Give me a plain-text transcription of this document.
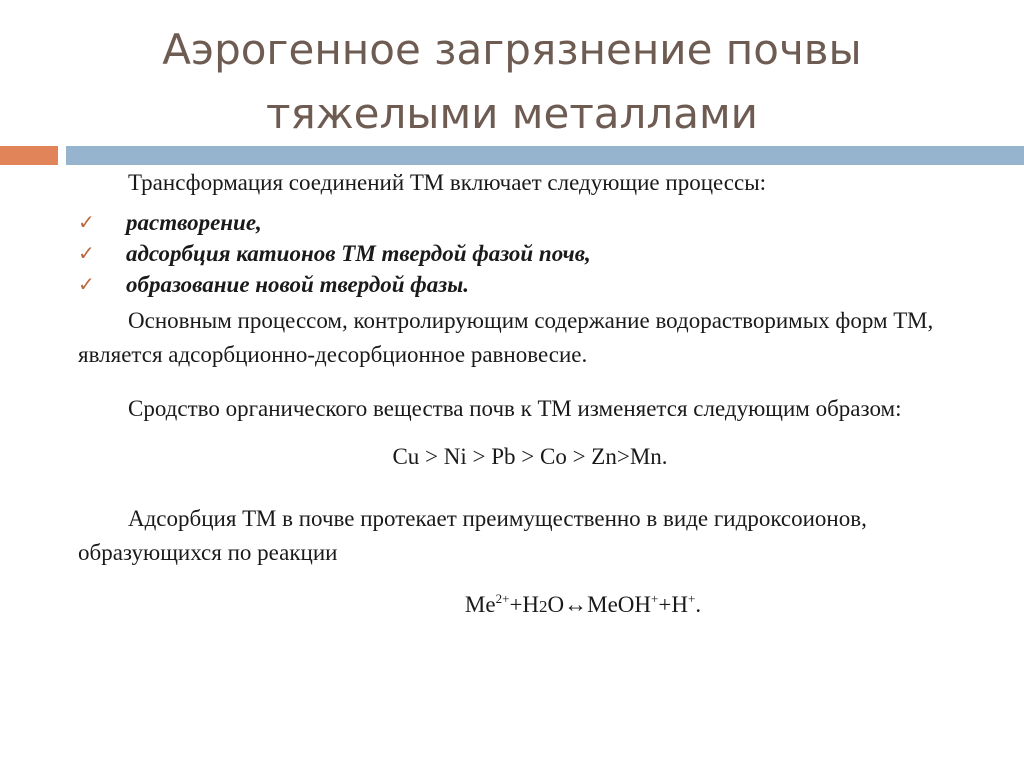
Аэрогенное загрязнение почвы
тяжелыми металлами

Трансформация соединений ТМ включает следующие процессы:

✓ растворение,
✓ адсорбция катионов ТМ твердой фазой почв,
✓ образование новой твердой фазы.

Основным процессом, контролирующим содержание водорастворимых форм ТМ, является адсорбционно-десорбционное равновесие.

Сродство органического вещества почв к ТМ изменяется следующим образом:

Cu > Ni > Pb > Co > Zn>Mn.

Адсорбция ТМ в почве протекает преимущественно в виде гидроксоионов, образующихся по реакции

$Me^{2+}+H2O\leftrightarrow MeOH^++H^+$.
